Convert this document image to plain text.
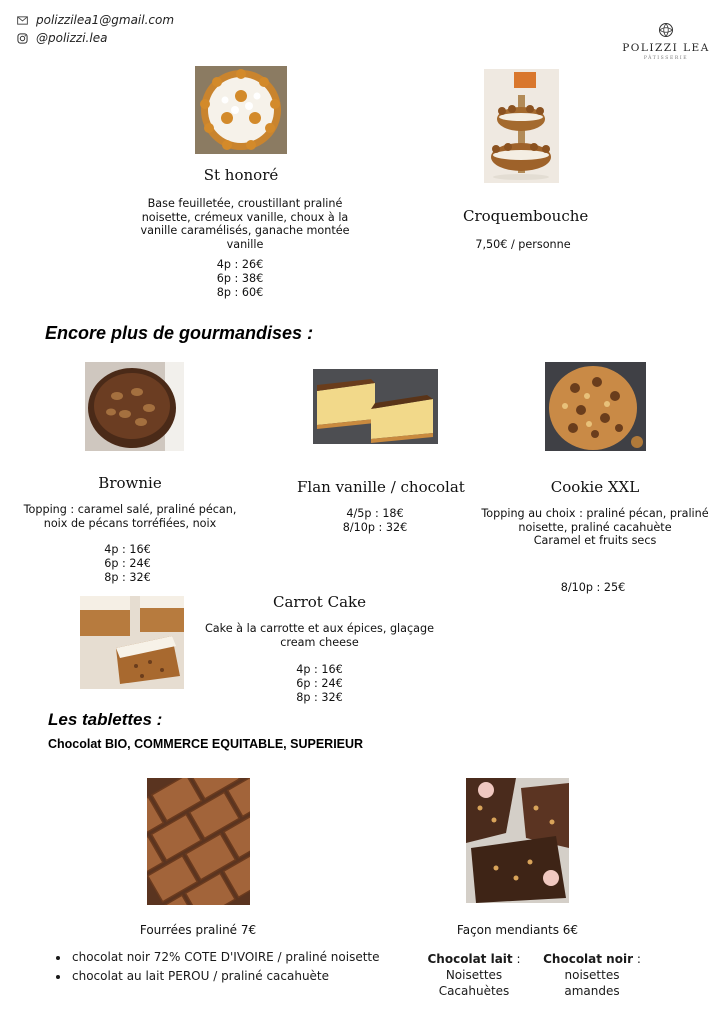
polizzilea1@gmail.com
@polizzi.lea
POLIZZI LEA
PÂTISSERIE
St honoré
Base feuilletée, croustillant praliné
noisette, crémeux vanille, choux à la
vanille caramélisés, ganache montée
vanille
4p : 26€
6p : 38€
8p : 60€
Croquembouche
7,50€ / personne
Encore plus de gourmandises :
Brownie
Topping : caramel salé, praliné pécan,
noix de pécans torréfiées, noix
4p : 16€
6p : 24€
8p : 32€
Flan vanille / chocolat
4/5p : 18€
8/10p : 32€
Cookie XXL
Topping au choix : praliné pécan, praliné
noisette, praliné cacahuète
Caramel et fruits secs
8/10p : 25€
Carrot Cake
Cake à la carrotte et aux épices, glaçage
cream cheese
4p : 16€
6p : 24€
8p : 32€
Les tablettes :
Chocolat BIO, COMMERCE EQUITABLE, SUPERIEUR
Fourrées praliné 7€
• chocolat noir 72% COTE D'IVOIRE / praliné noisette
• chocolat au lait PEROU / praliné cacahuète
Façon mendiants 6€
Chocolat lait :
Noisettes
Cacahuètes
Chocolat noir :
noisettes
amandes
